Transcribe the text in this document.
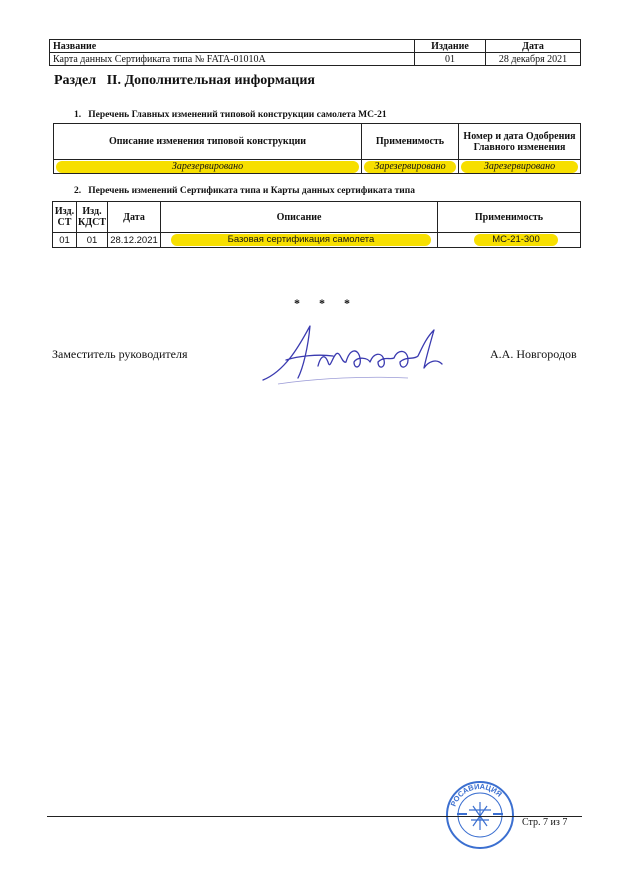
Название	Издание	Дата
Карта данных Сертификата типа № FATA-01010A	01	28 декабря 2021
Раздел   II. Дополнительная информация
1.   Перечень Главных изменений типовой конструкции самолета МС-21
Описание изменения типовой конструкции	Применимость	Номер и дата Одобрения Главного изменения

Зарезервировано	Зарезервировано	Зарезервировано
2.   Перечень изменений Сертификата типа и Карты данных сертификата типа
Изд. СТ	Изд. КДСТ	Дата	Описание	Применимость
01	01	28.12.2021	Базовая сертификация самолета	МС-21-300
* * *
Заместитель руководителя	А.А. Новгородов
РОСАВИАЦИЯ
Стр. 7 из 7
